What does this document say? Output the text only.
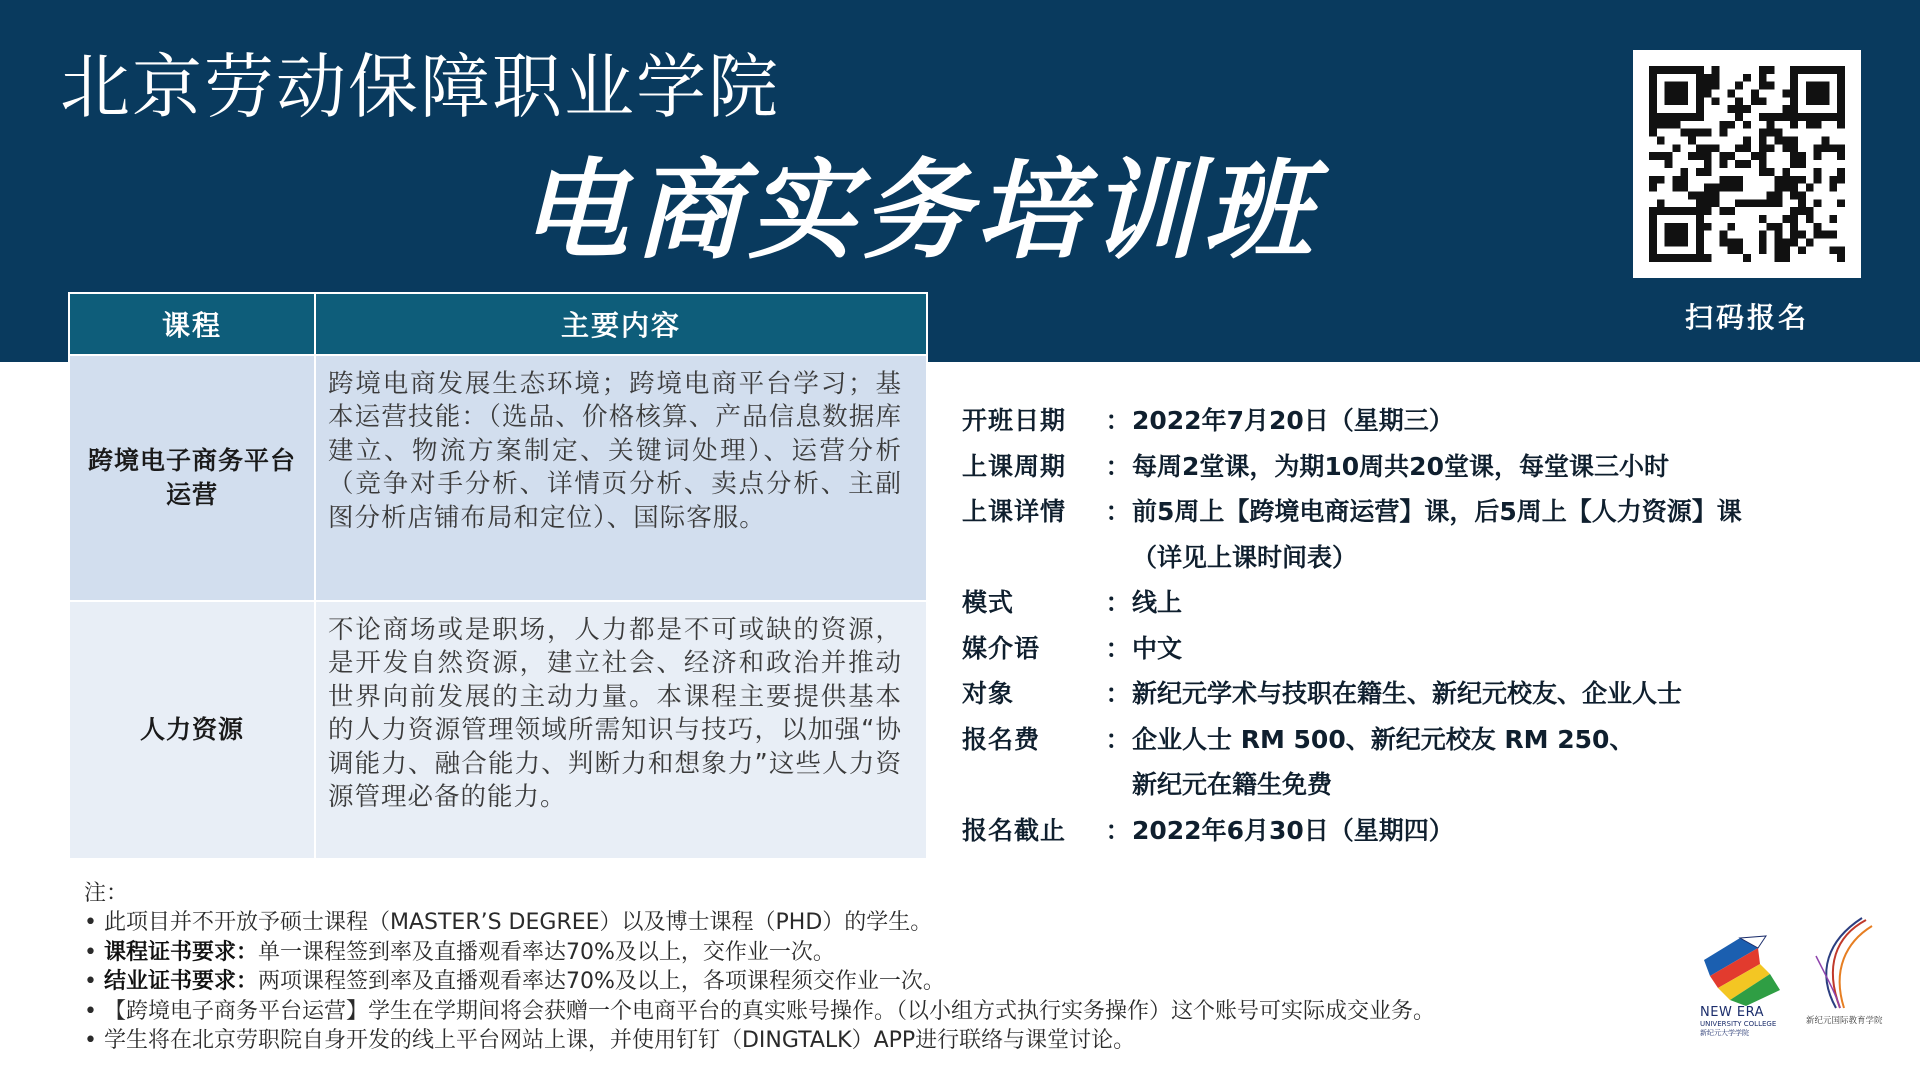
北京劳动保障职业学院
电商实务培训班
扫码报名
课程	主要内容
跨境电子商务平台运营	跨境电商发展生态环境；跨境电商平台学习；基本运营技能：（选品、价格核算、产品信息数据库建立、物流方案制定、关键词处理）、运营分析（竞争对手分析、详情页分析、卖点分析、主副图分析店铺布局和定位）、国际客服。
人力资源	不论商场或是职场，人力都是不可或缺的资源，是开发自然资源，建立社会、经济和政治并推动世界向前发展的主动力量。本课程主要提供基本的人力资源管理领域所需知识与技巧，以加强“协调能力、融合能力、判断力和想象力”这些人力资源管理必备的能力。
开班日期	： 2022年7月20日（星期三）
上课周期	： 每周2堂课，为期10周共20堂课，每堂课三小时
上课详情	： 前5周上【跨境电商运营】课，后5周上【人力资源】课
（详见上课时间表）
模式	： 线上
媒介语	： 中文
对象	： 新纪元学术与技职在籍生、新纪元校友、企业人士
报名费	： 企业人士 RM 500、新纪元校友 RM 250、
新纪元在籍生免费
报名截止	： 2022年6月30日（星期四）
注：
• 此项目并不开放予硕士课程（MASTER’S DEGREE）以及博士课程（PHD）的学生。
• 课程证书要求：单一课程签到率及直播观看率达70%及以上，交作业一次。
• 结业证书要求：两项课程签到率及直播观看率达70%及以上，各项课程须交作业一次。
• 【跨境电子商务平台运营】学生在学期间将会获赠一个电商平台的真实账号操作。（以小组方式执行实务操作）这个账号可实际成交业务。
• 学生将在北京劳职院自身开发的线上平台网站上课，并使用钉钉（DINGTALK）APP进行联络与课堂讨论。
NEW ERA
UNIVERSITY COLLEGE
新纪元大学学院
新纪元国际教育学院
